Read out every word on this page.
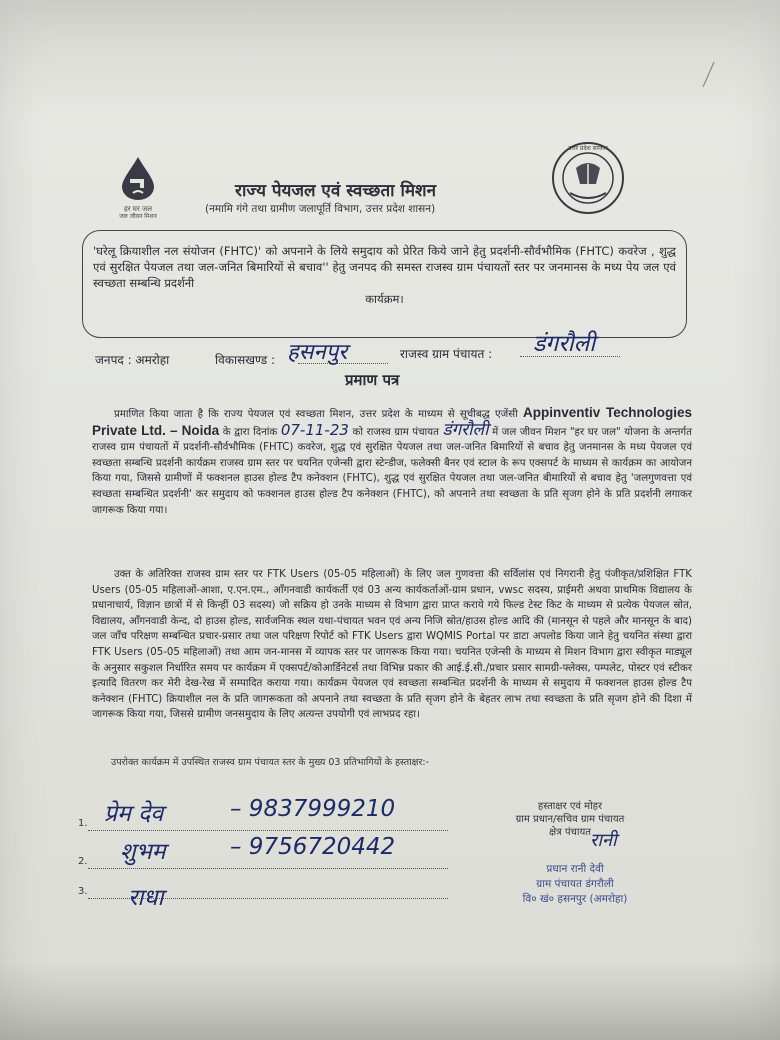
हर घर जल
जल जीवन मिशन
उत्तर प्रदेश सरकार
राज्य पेयजल एवं स्वच्छता मिशन
(नमामि गंगे तथा ग्रामीण जलापूर्ति विभाग, उत्तर प्रदेश शासन)
'घरेलू क्रियाशील नल संयोजन (FHTC)' को अपनाने के लिये समुदाय को प्रेरित किये जाने हेतु प्रदर्शनी-सौर्वभौमिक (FHTC) कवरेज , शुद्ध एवं सुरक्षित पेयजल तथा जल-जनित बिमारियों से बचाव'' हेतु जनपद की समस्त राजस्व ग्राम पंचायतों स्तर पर जनमानस के मध्य पेय जल एवं स्वच्छता सम्बन्धि प्रदर्शनी
कार्यक्रम।
जनपद : अमरोहा	विकासखण्ड : हसनपुर	राजस्व ग्राम पंचायत : डंगरौली
प्रमाण पत्र
प्रमाणित किया जाता है कि राज्य पेयजल एवं स्वच्छता मिशन, उत्तर प्रदेश के माध्यम से सूचीबद्ध एजेंसी Appinventiv Technologies Private Ltd. – Noida के द्वारा दिनांक 07-11-23 को राजस्व ग्राम पंचायत डंगरौली में जल जीवन मिशन "हर घर जल" योजना के अन्तर्गत राजस्व ग्राम पंचायतों में प्रदर्शनी-सौर्वभौमिक (FHTC) कवरेज, शुद्ध एवं सुरक्षित पेयजल तथा जल-जनित बिमारियों से बचाव हेतु जनमानस के मध्य पेयजल एवं स्वच्छता सम्बन्धि प्रदर्शनी कार्यक्रम राजस्व ग्राम स्तर पर चयनित एजेन्सी द्वारा स्टेन्डीज, फलेक्सी बैनर एवं स्टाल के रूप एक्सपर्ट के माध्यम से कार्यक्रम का आयोजन किया गया, जिससे ग्रामीणों में फक्शनल हाउस होल्ड टैप कनेक्शन (FHTC), शुद्ध एवं सुरक्षित पेयजल तथा जल-जनित बीमारियों से बचाव हेतु 'जलगुणवत्ता एवं स्वच्छता सम्बन्धित प्रदर्शनी' कर समुदाय को फक्शनल हाउस होल्ड टैप कनेक्शन (FHTC), को अपनाने तथा स्वच्छता के प्रति सृजग होने के प्रति प्रदर्शनी लगाकर जागरूक किया गया।
उक्त के अतिरिक्त राजस्व ग्राम स्तर पर FTK Users (05-05 महिलाओं) के लिए जल गुणवत्ता की सर्विलांस एवं निगरानी हेतु पंजीकृत/प्रशिक्षित FTK Users (05-05 महिलाओं-आशा, ए.एन.एम., आँगनवाडी कार्यकर्ती एवं 03 अन्य कार्यकर्ताओं-ग्राम प्रधान, vwsc सदस्य, प्राईमरी अथवा प्राथमिक विद्यालय के प्रधानाचार्य, विज्ञान छात्रों में से किन्हीं 03 सदस्य) जो सक्रिय हो उनके माध्यम से विभाग द्वारा प्राप्त कराये गये फिल्ड टेस्ट किट के माध्यम से प्रत्येक पेयजल स्रोत, विद्यालय, आँगनवाडी केन्द, दो हाउस होल्ड, सार्वजनिक स्थल यथा-पंचायत भवन एवं अन्य निजि स्रोत/हाउस होल्ड आदि की (मानसून से पहले और मानसून के बाद) जल जाँच परिक्षण सम्बन्धित प्रचार-प्रसार तथा जल परिक्षण रिपोर्ट को FTK Users द्वारा WQMIS Portal पर डाटा अपलोड किया जाने हेतु चयनित संस्था द्वारा FTK Users (05-05 महिलाओं) तथा आम जन-मानस में व्यापक स्तर पर जागरूक किया गया। चयनित एजेन्सी के माध्यम से मिशन विभाग द्वारा स्वीकृत माड्यूल के अनुसार सकुशल निर्धारित समय पर कार्यक्रम में एक्सपर्ट/कोआर्डिनेटर्स तथा विभिन्न प्रकार की आई.ई.सी./प्रचार प्रसार सामग्री-फ्लेक्स, पम्पलेट, पोस्टर एवं स्टीकर इत्यादि वितरण कर मेरी देख-रेख में सम्पादित कराया गया। कार्यक्रम पेयजल एवं स्वच्छता सम्बन्धित प्रदर्शनी के माध्यम से समुदाय में फक्शनल हाउस होल्ड टैप कनेक्शन (FHTC) क्रियाशील नल के प्रति जागरूकता को अपनाने तथा स्वच्छता के प्रति सृजग होने के बेहतर लाभ तथा स्वच्छता के प्रति सृजग होने की दिशा में जागरूक किया गया, जिससे ग्रामीण जनसमुदाय के लिए अत्यन्त उपयोगी एवं लाभप्रद रहा।
उपरोक्त कार्यक्रम में उपस्थित राजस्व ग्राम पंचायत स्तर के मुख्य 03 प्रतिभागियों के हस्ताक्षर:-
1. प्रेम देव	– 9837999210
2. शुभम	– 9756720442
3. राधा
हस्ताक्षर एवं मोहर
ग्राम प्रधान/सचिव ग्राम पंचायत
क्षेत्र पंचायत रानी
प्रधान रानी देवी
ग्राम पंचायत डंगरौली
वि० खं० हसनपुर (अमरोहा)
